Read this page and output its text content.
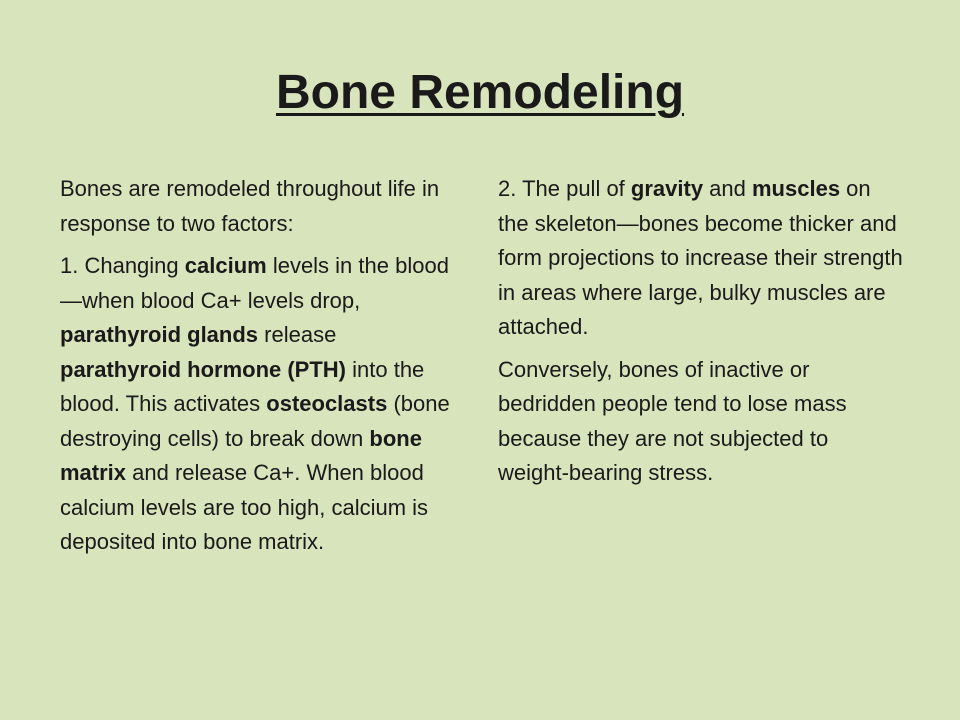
Bone Remodeling

Bones are remodeled throughout life in response to two factors:

1. Changing calcium levels in the blood—when blood Ca+ levels drop, parathyroid glands release parathyroid hormone (PTH) into the blood. This activates osteoclasts (bone destroying cells) to break down bone matrix and release Ca+. When blood calcium levels are too high, calcium is deposited into bone matrix.

2. The pull of gravity and muscles on the skeleton—bones become thicker and form projections to increase their strength in areas where large, bulky muscles are attached.

Conversely, bones of inactive or bedridden people tend to lose mass because they are not subjected to weight-bearing stress.
